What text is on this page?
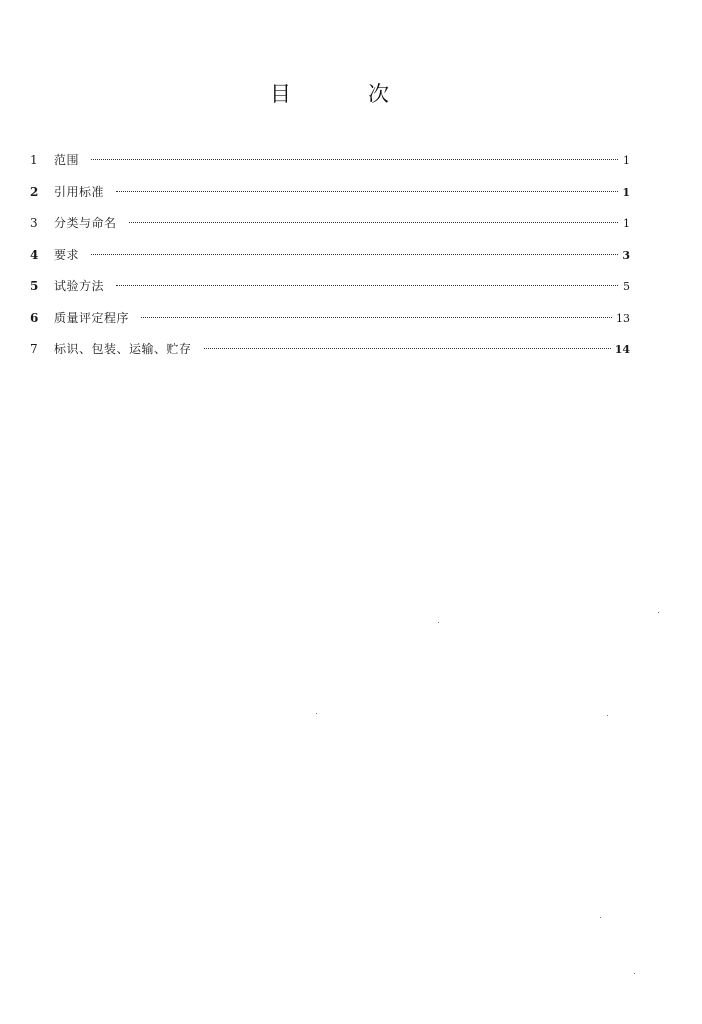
目	次
1	范围	1
2	引用标准	1
3	分类与命名	1
4	要求	3
5	试验方法	5
6	质量评定程序	13
7	标识、包装、运输、贮存	14
